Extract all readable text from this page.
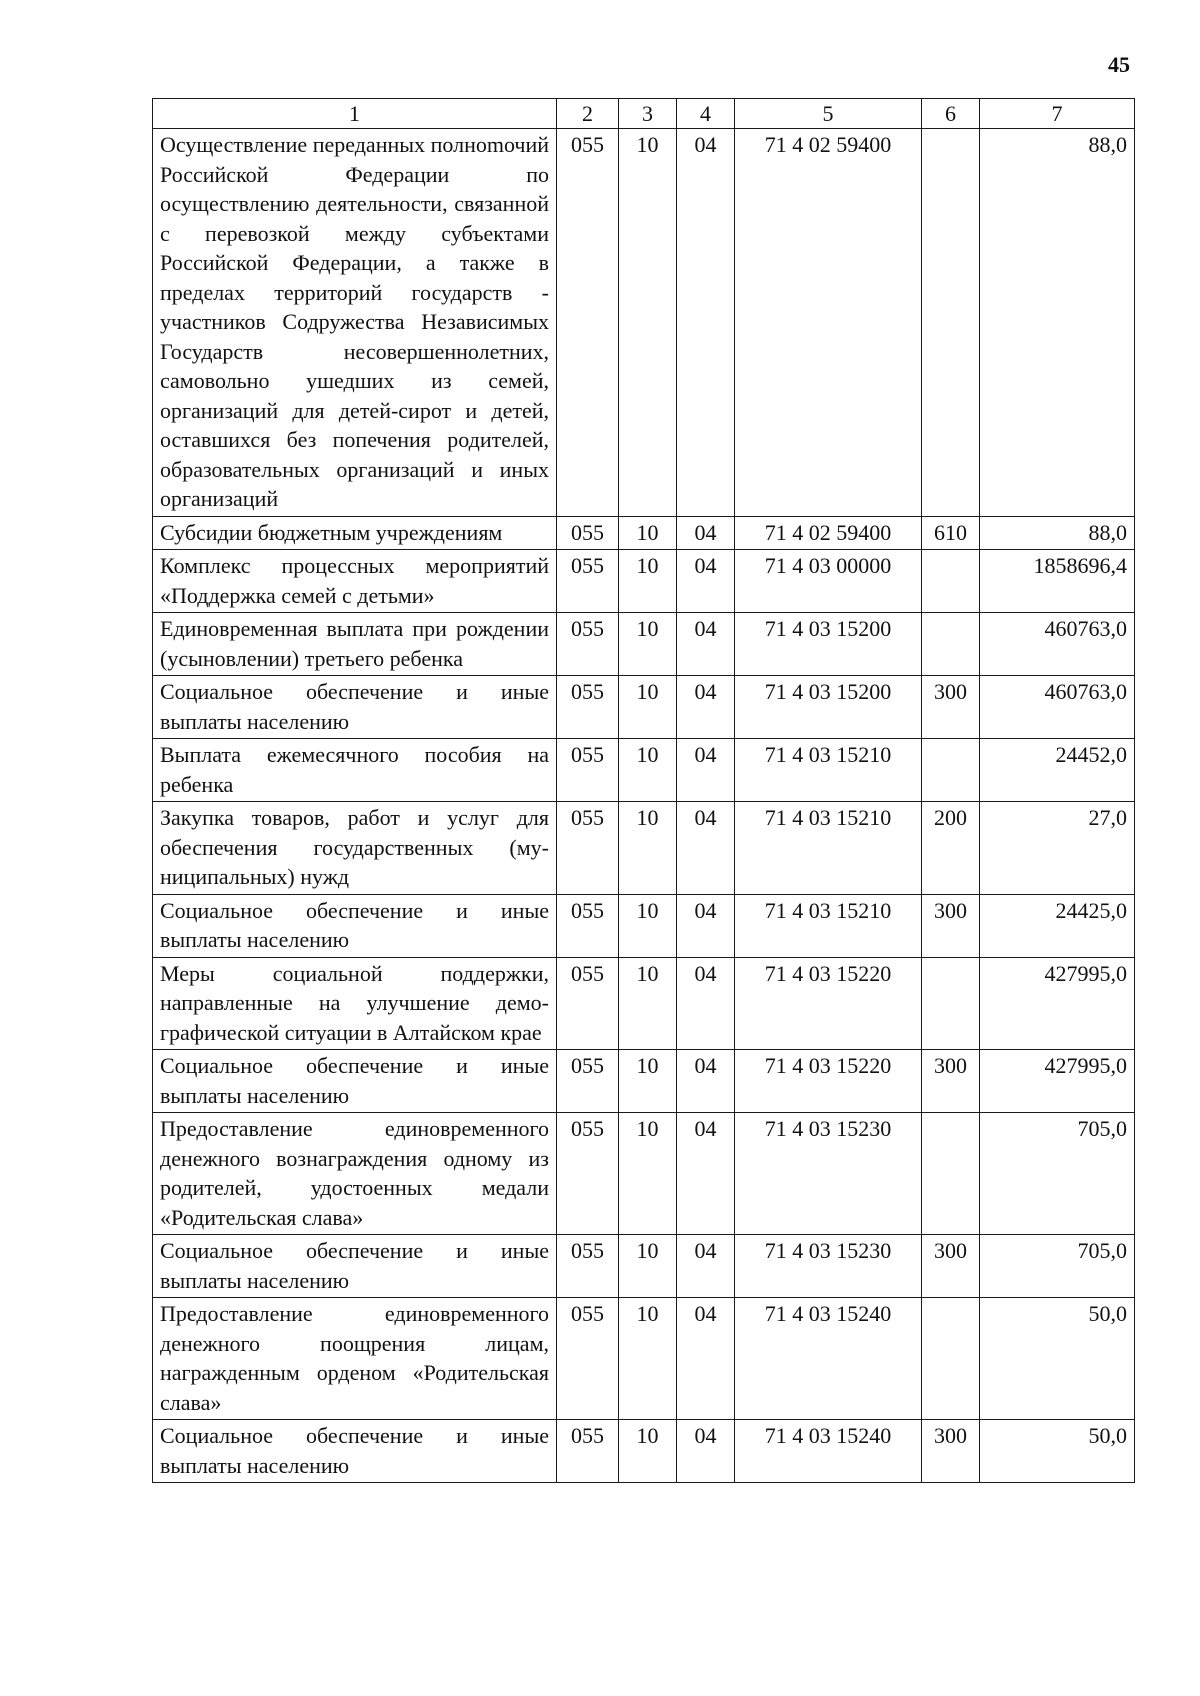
45
1	2	3	4	5	6	7
Осуществление переданных полноmочий Российской Федерации по осуществлению деятельности, связанной с перевозкой между субъектами Российской Федерации, а также в пределах территорий государств - участников Содружества Независимых Государств несовершеннолетних, самовольно ушедших из семей, организаций для детей-сирот и детей, оставшихся без попечения родителей, образовательных организаций и иных организаций	055	10	04	71 4 02 59400		88,0
Субсидии бюджетным учреждениям	055	10	04	71 4 02 59400	610	88,0
Комплекс процессных мероприятий «Поддержка семей с детьми»	055	10	04	71 4 03 00000		1858696,4
Единовременная выплата при рождении (усыновлении) третьего ребенка	055	10	04	71 4 03 15200		460763,0
Социальное обеспечение и иные выплаты населению	055	10	04	71 4 03 15200	300	460763,0
Выплата ежемесячного пособия на ребенка	055	10	04	71 4 03 15210		24452,0
Закупка товаров, работ и услуг для обеспечения государственных (муниципальных) нужд	055	10	04	71 4 03 15210	200	27,0
Социальное обеспечение и иные выплаты населению	055	10	04	71 4 03 15210	300	24425,0
Меры социальной поддержки, направленные на улучшение демографической ситуации в Алтайском крае	055	10	04	71 4 03 15220		427995,0
Социальное обеспечение и иные выплаты населению	055	10	04	71 4 03 15220	300	427995,0
Предоставление единовременного денежного вознаграждения одному из родителей, удостоенных медали «Родительская слава»	055	10	04	71 4 03 15230		705,0
Социальное обеспечение и иные выплаты населению	055	10	04	71 4 03 15230	300	705,0
Предоставление единовременного денежного поощрения лицам, награжденным орденом «Родительская слава»	055	10	04	71 4 03 15240		50,0
Социальное обеспечение и иные выплаты населению	055	10	04	71 4 03 15240	300	50,0
